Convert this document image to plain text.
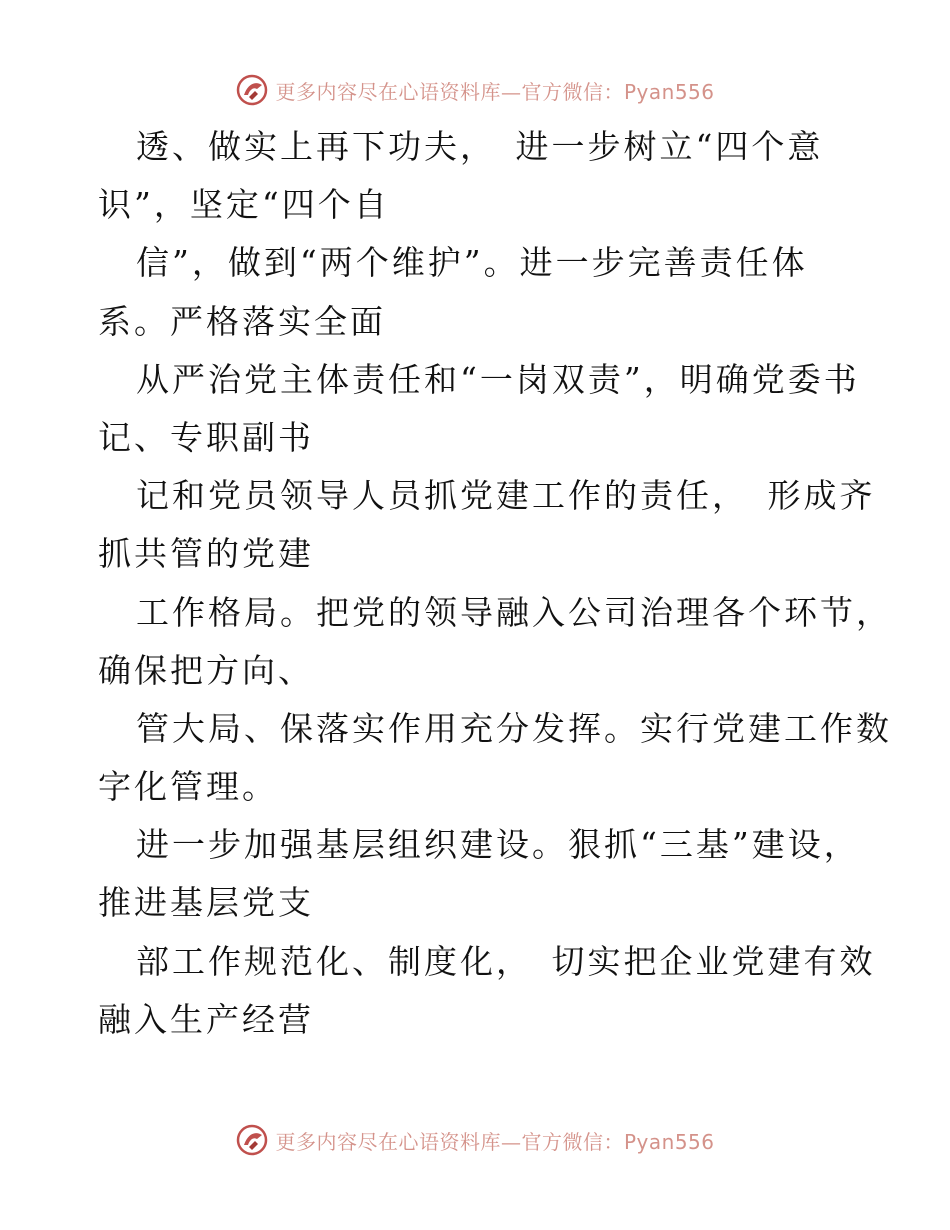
更多内容尽在心语资料库—官方微信：Pyan556
透、做实上再下功夫，　进一步树立“四个意
识”，坚定“四个自
信”，做到“两个维护”。进一步完善责任体
系。严格落实全面
从严治党主体责任和“一岗双责”，明确党委书
记、专职副书
记和党员领导人员抓党建工作的责任，　形成齐
抓共管的党建
工作格局。把党的领导融入公司治理各个环节，
确保把方向、
管大局、保落实作用充分发挥。实行党建工作数
字化管理。
进一步加强基层组织建设。狠抓“三基”建设，
推进基层党支
部工作规范化、制度化，　切实把企业党建有效
融入生产经营
更多内容尽在心语资料库—官方微信：Pyan556
